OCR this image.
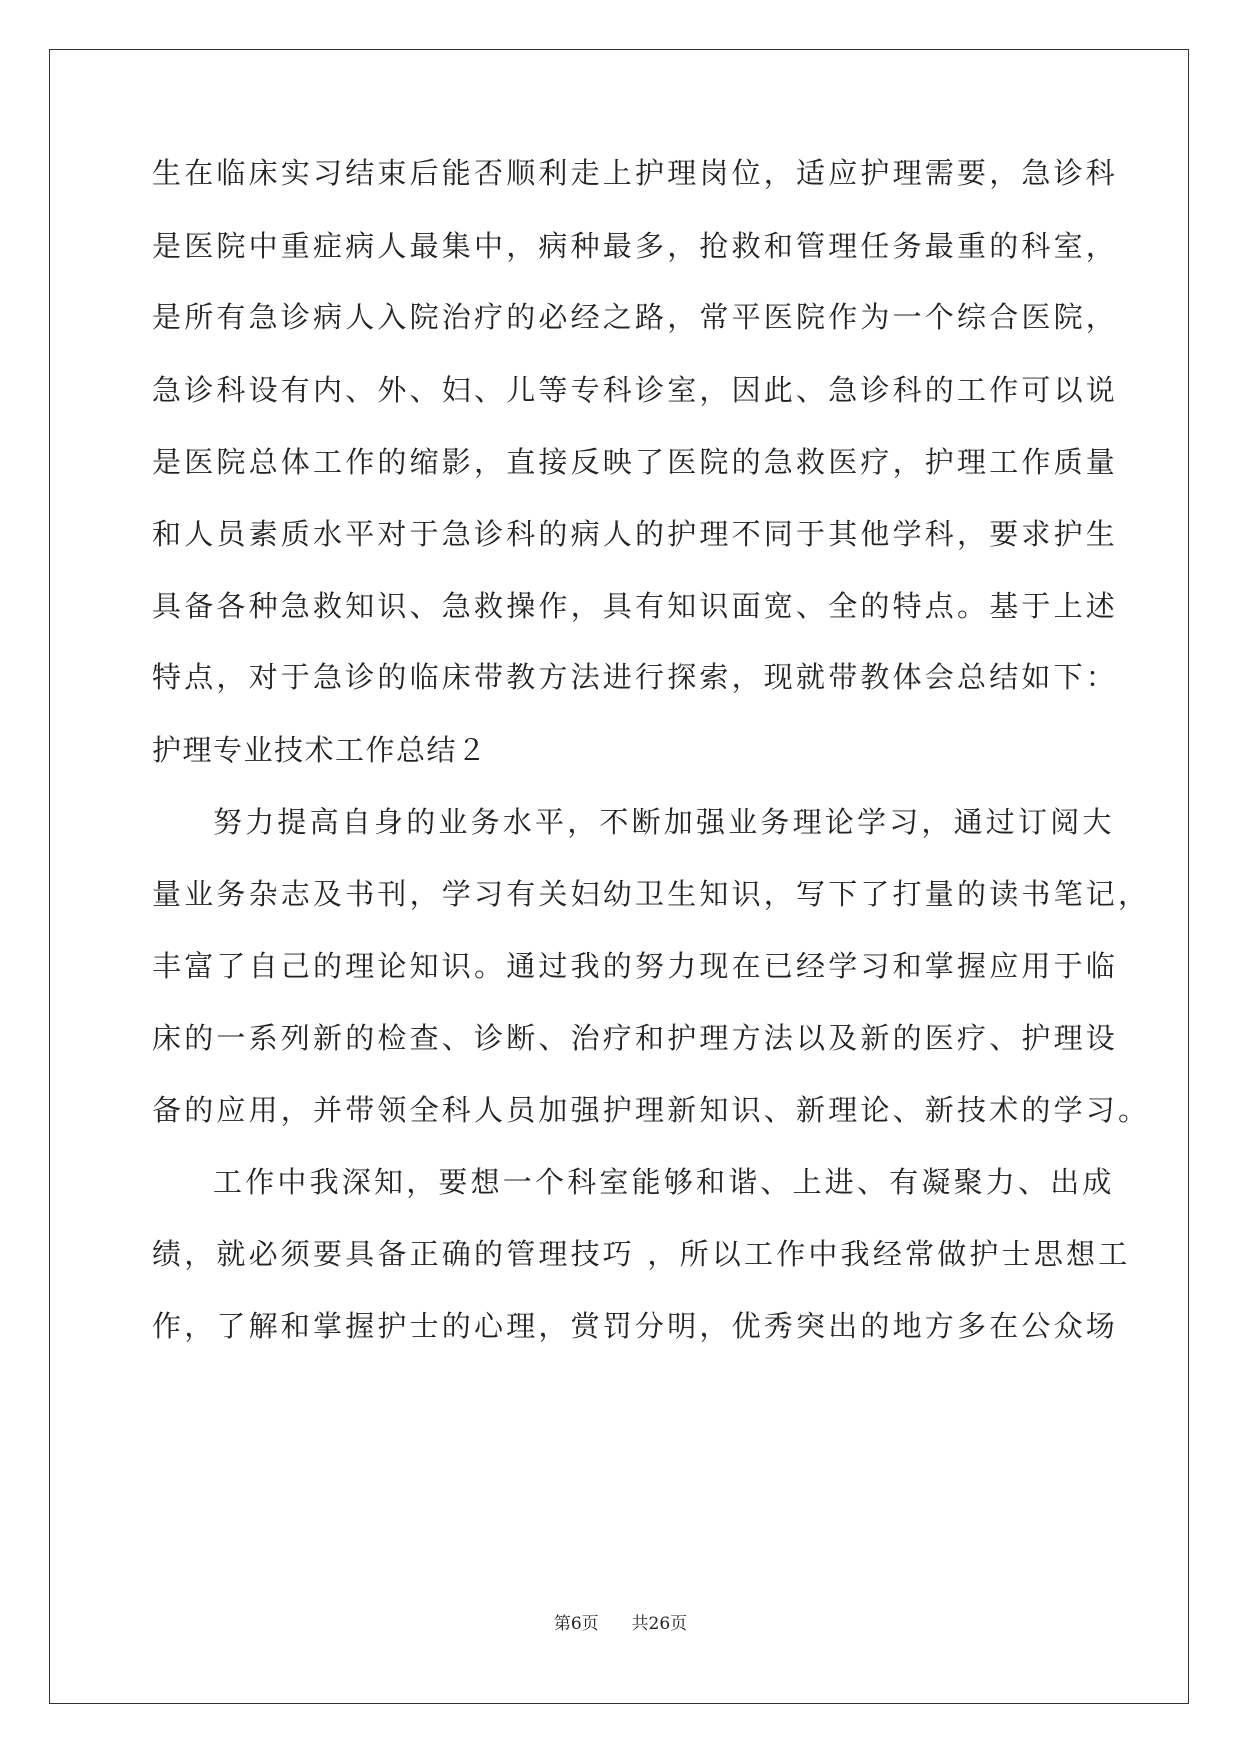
生在临床实习结束后能否顺利走上护理岗位，适应护理需要，急诊科
是医院中重症病人最集中，病种最多，抢救和管理任务最重的科室，
是所有急诊病人入院治疗的必经之路，常平医院作为一个综合医院，
急诊科设有内、外、妇、儿等专科诊室，因此、急诊科的工作可以说
是医院总体工作的缩影，直接反映了医院的急救医疗，护理工作质量
和人员素质水平对于急诊科的病人的护理不同于其他学科，要求护生
具备各种急救知识、急救操作，具有知识面宽、全的特点。基于上述
特点，对于急诊的临床带教方法进行探索，现就带教体会总结如下：
护理专业技术工作总结２
努力提高自身的业务水平，不断加强业务理论学习，通过订阅大
量业务杂志及书刊，学习有关妇幼卫生知识，写下了打量的读书笔记，
丰富了自己的理论知识。通过我的努力现在已经学习和掌握应用于临
床的一系列新的检查、诊断、治疗和护理方法以及新的医疗、护理设
备的应用，并带领全科人员加强护理新知识、新理论、新技术的学习。
工作中我深知，要想一个科室能够和谐、上进、有凝聚力、出成
绩，就必须要具备正确的管理技巧 ，所以工作中我经常做护士思想工
作，了解和掌握护士的心理，赏罚分明，优秀突出的地方多在公众场
第6页 共26页
